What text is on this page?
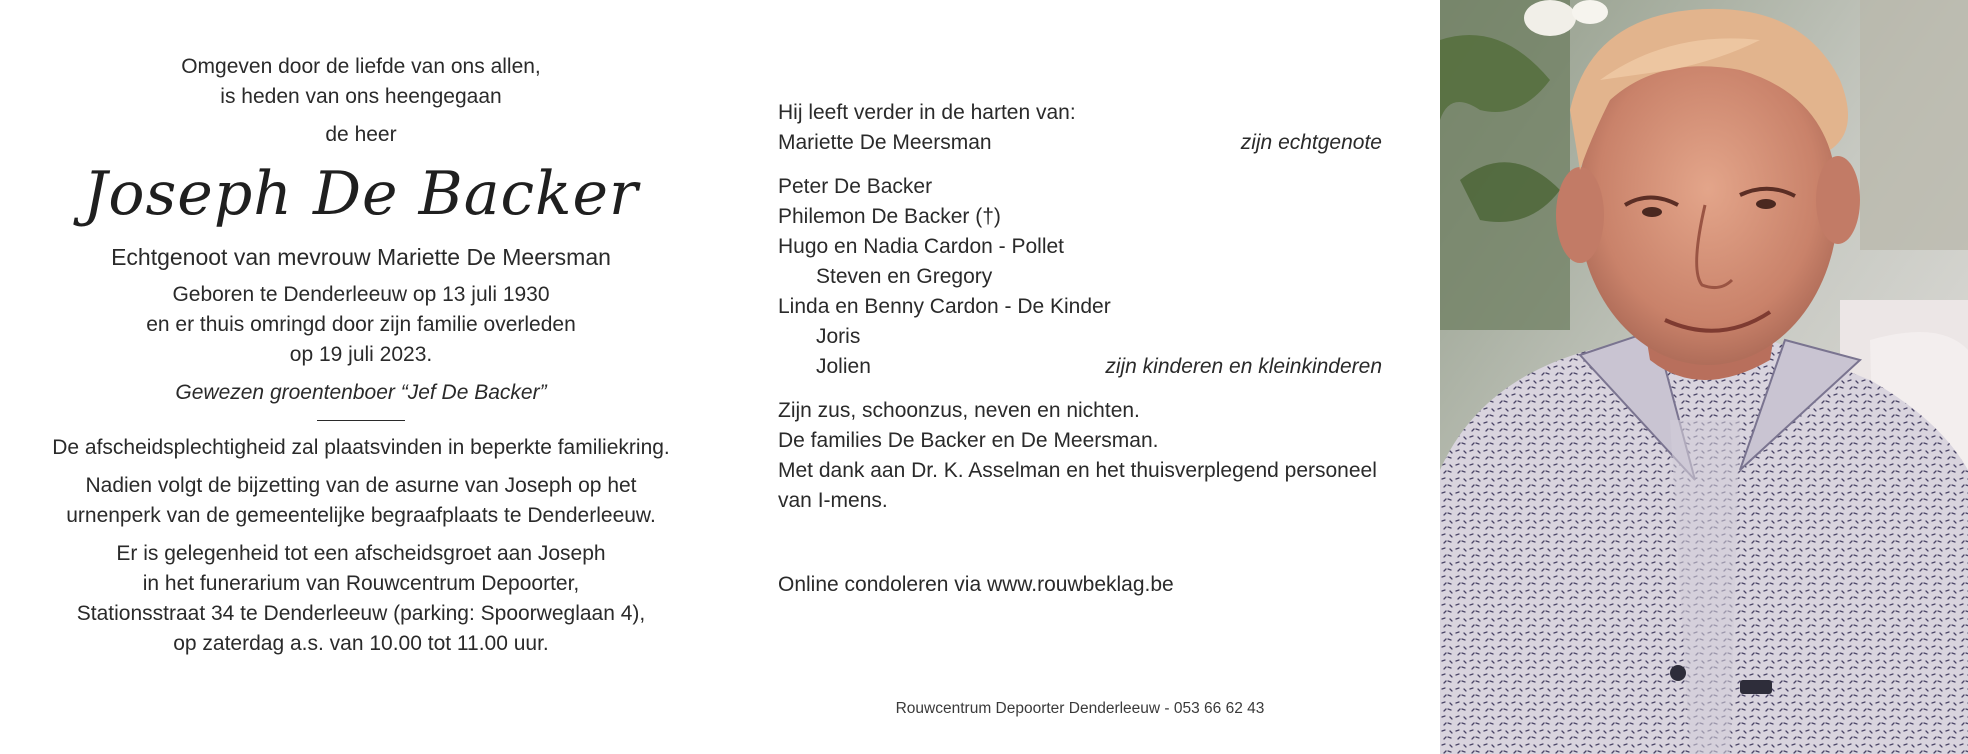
Omgeven door de liefde van ons allen,

is heden van ons heengegaan

de heer

Joseph De Backer

Echtgenoot van mevrouw Mariette De Meersman

Geboren te Denderleeuw op 13 juli 1930

en er thuis omringd door zijn familie overleden

op 19 juli 2023.

Gewezen groentenboer “Jef De Backer”

De afscheidsplechtigheid zal plaatsvinden in beperkte familiekring.

Nadien volgt de bijzetting van de asurne van Joseph op het

urnenperk van de gemeentelijke begraafplaats te Denderleeuw.

Er is gelegenheid tot een afscheidsgroet aan Joseph

in het funerarium van Rouwcentrum Depoorter,

Stationsstraat 34 te Denderleeuw (parking: Spoorweglaan 4),

op zaterdag a.s. van 10.00 tot 11.00 uur.

Hij leeft verder in de harten van:

Mariette De Meersman	zijn echtgenote

Peter De Backer

Philemon De Backer (†)

Hugo en Nadia Cardon - Pollet

Steven en Gregory

Linda en Benny Cardon - De Kinder

Joris

Jolien	zijn kinderen en kleinkinderen

Zijn zus, schoonzus, neven en nichten.

De families De Backer en De Meersman.

Met dank aan Dr. K. Asselman en het thuisverplegend personeel van I-mens.

Online condoleren via www.rouwbeklag.be

Rouwcentrum Depoorter Denderleeuw - 053 66 62 43
